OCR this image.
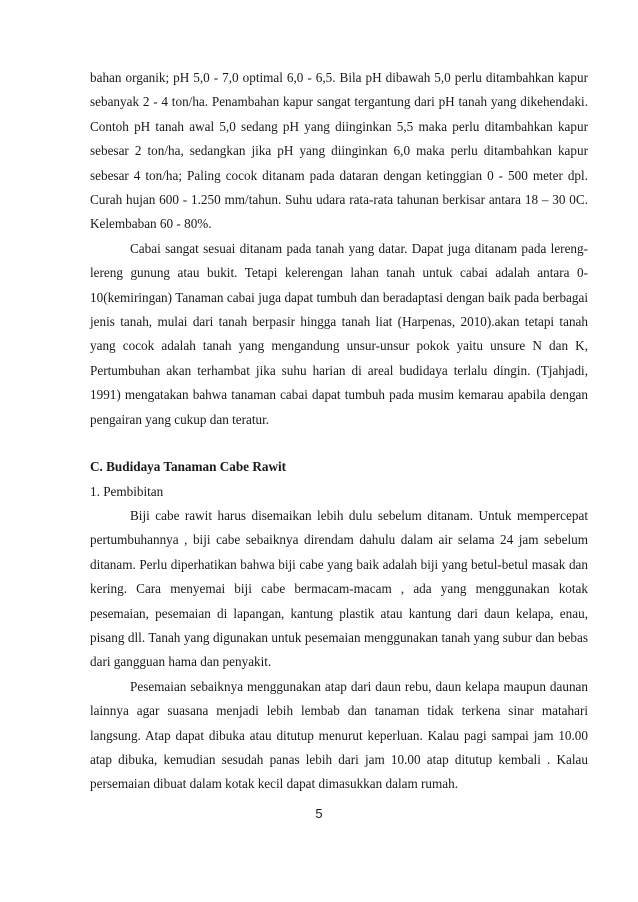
bahan organik; pH 5,0 - 7,0 optimal 6,0 - 6,5. Bila pH dibawah 5,0 perlu ditambahkan kapur sebanyak 2 - 4 ton/ha. Penambahan kapur sangat tergantung dari pH tanah yang dikehendaki. Contoh pH tanah awal 5,0 sedang pH yang diinginkan 5,5 maka perlu ditambahkan kapur sebesar 2 ton/ha, sedangkan jika pH yang diinginkan 6,0 maka perlu ditambahkan kapur sebesar 4 ton/ha; Paling cocok ditanam pada dataran dengan ketinggian 0 - 500 meter dpl. Curah hujan 600 - 1.250 mm/tahun. Suhu udara rata-rata tahunan berkisar antara 18 – 30 0C. Kelembaban 60 - 80%.

Cabai sangat sesuai ditanam pada tanah yang datar. Dapat juga ditanam pada lereng-lereng gunung atau bukit. Tetapi kelerengan lahan tanah untuk cabai adalah antara 0-10(kemiringan) Tanaman cabai juga dapat tumbuh dan beradaptasi dengan baik pada berbagai jenis tanah, mulai dari tanah berpasir hingga tanah liat (Harpenas, 2010).akan tetapi tanah yang cocok adalah tanah yang mengandung unsur-unsur pokok yaitu unsure N dan K, Pertumbuhan akan terhambat jika suhu harian di areal budidaya terlalu dingin. (Tjahjadi, 1991) mengatakan bahwa tanaman cabai dapat tumbuh pada musim kemarau apabila dengan pengairan yang cukup dan teratur.

C. Budidaya Tanaman Cabe Rawit

1. Pembibitan

Biji cabe rawit harus disemaikan lebih dulu sebelum ditanam. Untuk mempercepat pertumbuhannya , biji cabe sebaiknya direndam dahulu dalam air selama 24 jam sebelum ditanam. Perlu diperhatikan bahwa biji cabe yang baik adalah biji yang betul-betul masak dan kering. Cara menyemai biji cabe bermacam-macam , ada yang menggunakan kotak pesemaian, pesemaian di lapangan, kantung plastik atau kantung dari daun kelapa, enau, pisang dll. Tanah yang digunakan untuk pesemaian menggunakan tanah yang subur dan bebas dari gangguan hama dan penyakit.

Pesemaian sebaiknya menggunakan atap dari daun rebu, daun kelapa maupun daunan lainnya agar suasana menjadi lebih lembab dan tanaman tidak terkena sinar matahari langsung. Atap dapat dibuka atau ditutup menurut keperluan. Kalau pagi sampai jam 10.00 atap dibuka, kemudian sesudah panas lebih dari jam 10.00 atap ditutup kembali . Kalau persemaian dibuat dalam kotak kecil dapat dimasukkan dalam rumah.

5
